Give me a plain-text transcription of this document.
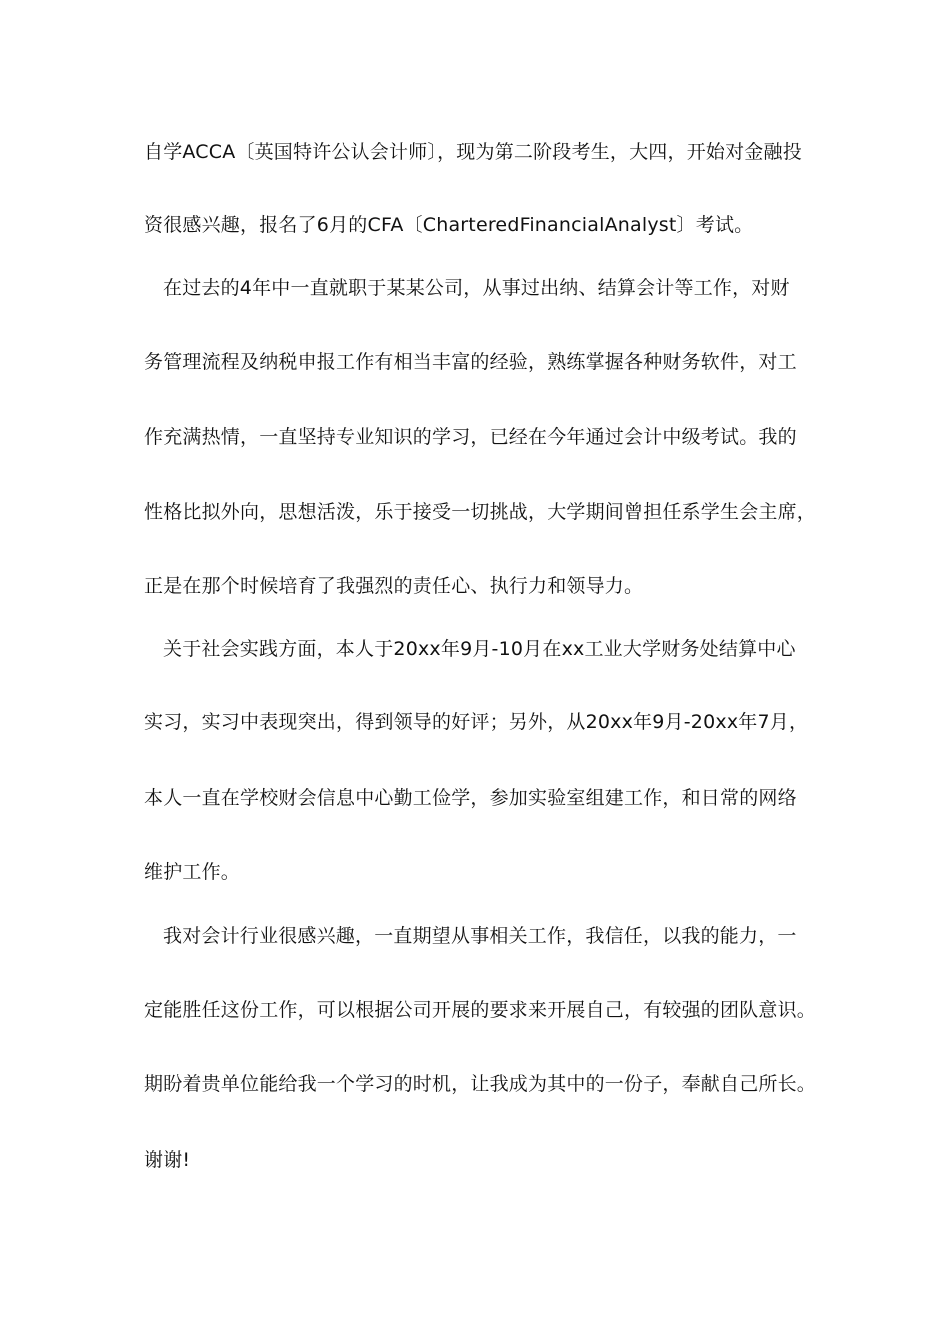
自学ACCA〔英国特许公认会计师〕，现为第二阶段考生，大四，开始对金融投
资很感兴趣，报名了6月的CFA〔CharteredFinancialAnalyst〕考试。
在过去的4年中一直就职于某某公司，从事过出纳、结算会计等工作，对财
务管理流程及纳税申报工作有相当丰富的经验，熟练掌握各种财务软件，对工
作充满热情，一直坚持专业知识的学习，已经在今年通过会计中级考试。我的
性格比拟外向，思想活泼，乐于接受一切挑战，大学期间曾担任系学生会主席，
正是在那个时候培育了我强烈的责任心、执行力和领导力。
关于社会实践方面，本人于20xx年9月-10月在xx工业大学财务处结算中心
实习，实习中表现突出，得到领导的好评；另外，从20xx年9月-20xx年7月，
本人一直在学校财会信息中心勤工俭学，参加实验室组建工作，和日常的网络
维护工作。
我对会计行业很感兴趣，一直期望从事相关工作，我信任，以我的能力，一
定能胜任这份工作，可以根据公司开展的要求来开展自己，有较强的团队意识。
期盼着贵单位能给我一个学习的时机，让我成为其中的一份子，奉献自己所长。
谢谢!
